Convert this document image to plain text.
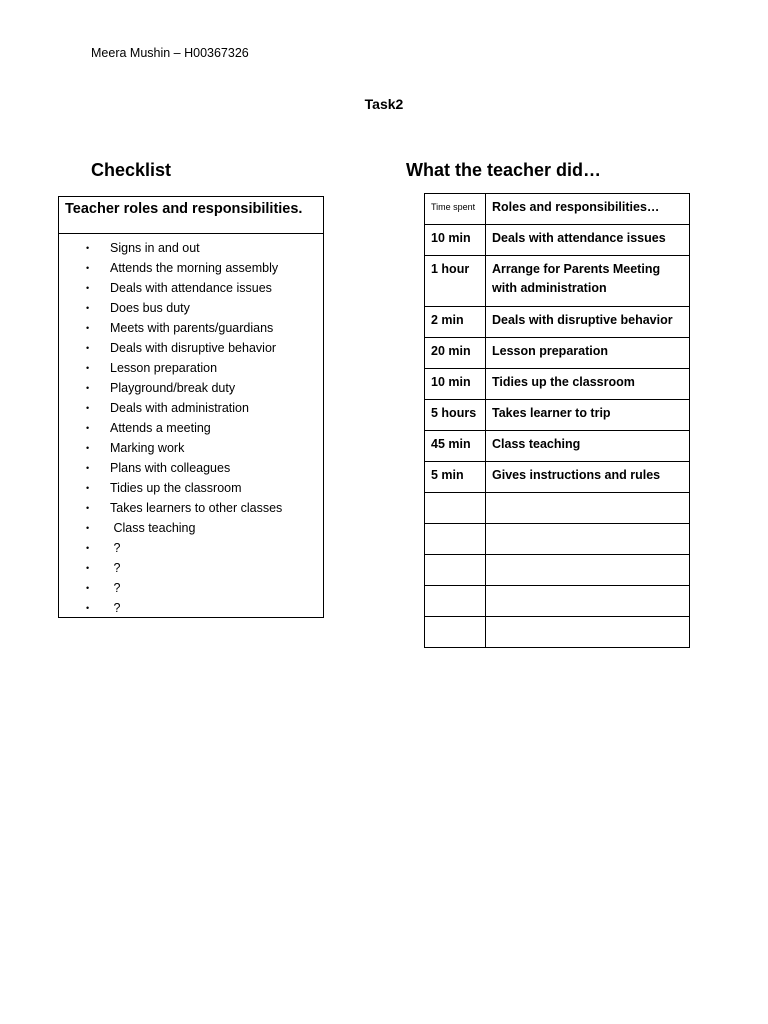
Meera Mushin – H00367326
Task2
Checklist	What the teacher did…
Teacher roles and responsibilities.
• Signs in and out
• Attends the morning assembly
• Deals with attendance issues
• Does bus duty
• Meets with parents/guardians
• Deals with disruptive behavior
• Lesson preparation
• Playground/break duty
• Deals with administration
• Attends a meeting
• Marking work
• Plans with colleagues
• Tidies up the classroom
• Takes learners to other classes
• Class teaching
• ?
• ?
• ?
• ?
Time spent	Roles and responsibilities…
10 min	Deals with attendance issues
1 hour	Arrange for Parents Meeting with administration
2 min	Deals with disruptive behavior
20 min	Lesson preparation
10 min	Tidies up the classroom
5 hours	Takes learner to trip
45 min	Class teaching
5 min	Gives instructions and rules
